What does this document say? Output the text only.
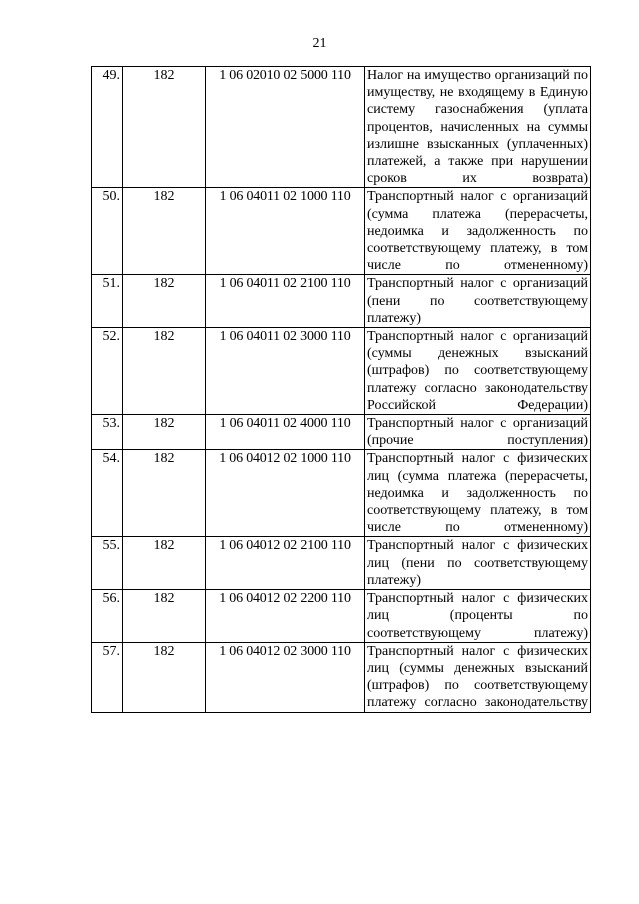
21
49.	182	1 06 02010 02 5000 110	Налог на имущество организаций по имуществу, не входящему в Единую систему газоснабжения (уплата процентов, начисленных на суммы излишне взысканных (уплаченных) платежей, а также при нарушении сроков их возврата)
50.	182	1 06 04011 02 1000 110	Транспортный налог с организаций (сумма платежа (перерасчеты, недоимка и задолженность по соответствующему платежу, в том числе по отмененному)
51.	182	1 06 04011 02 2100 110	Транспортный налог с организаций (пени по соответствующему платежу)
52.	182	1 06 04011 02 3000 110	Транспортный налог с организаций (суммы денежных взысканий (штрафов) по соответствующему платежу согласно законодательству Российской Федерации)
53.	182	1 06 04011 02 4000 110	Транспортный налог с организаций (прочие поступления)
54.	182	1 06 04012 02 1000 110	Транспортный налог с физических лиц (сумма платежа (перерасчеты, недоимка и задолженность по соответствующему платежу, в том числе по отмененному)
55.	182	1 06 04012 02 2100 110	Транспортный налог с физических лиц (пени по соответствующему платежу)
56.	182	1 06 04012 02 2200 110	Транспортный налог с физических лиц (проценты по соответствующему платежу)
57.	182	1 06 04012 02 3000 110	Транспортный налог с физических лиц (суммы денежных взысканий (штрафов) по соответствующему платежу согласно законодательству
